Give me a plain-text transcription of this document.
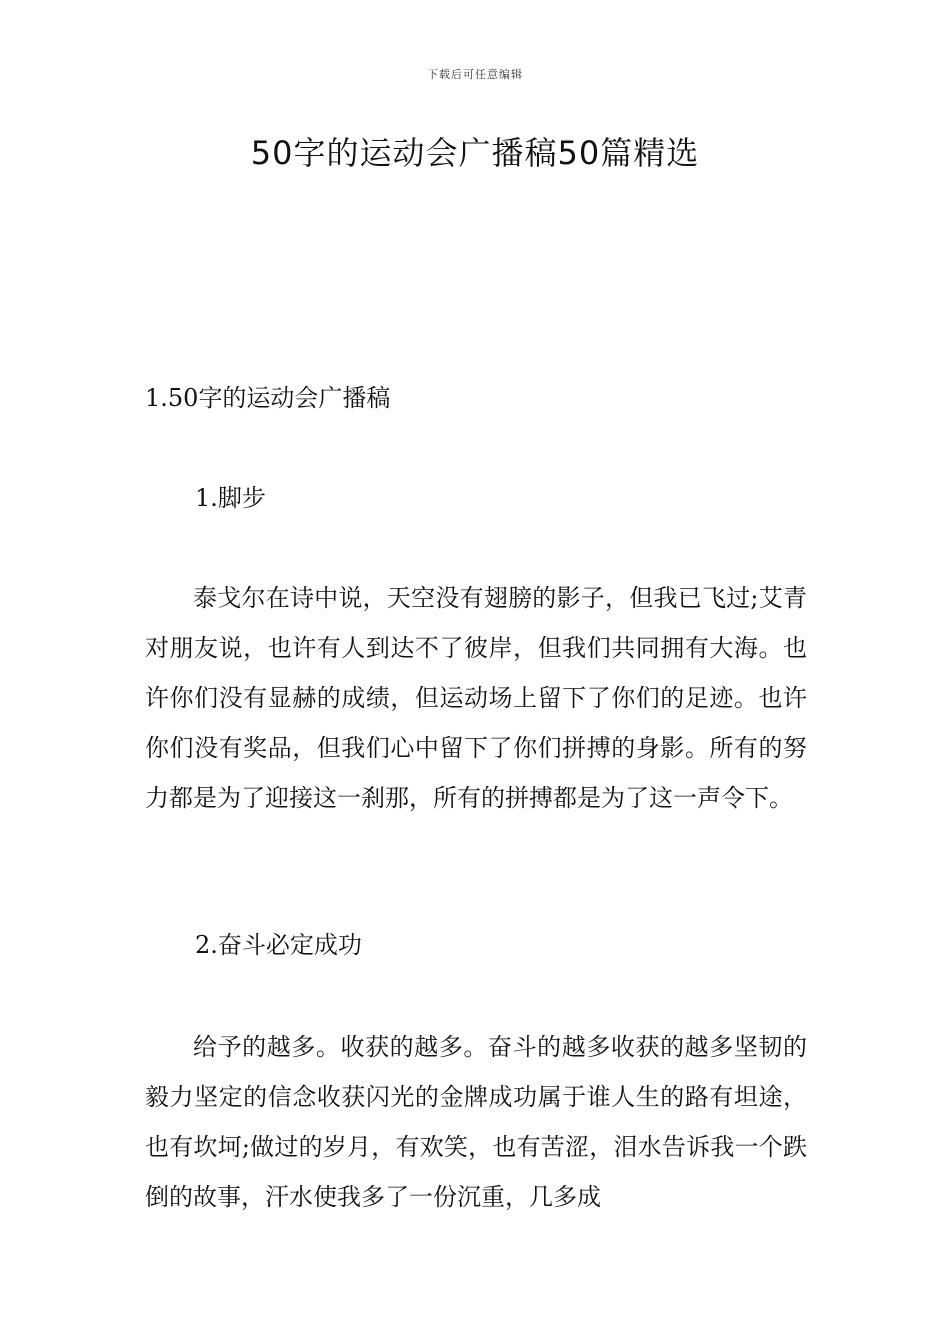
下载后可任意编辑
50字的运动会广播稿50篇精选
1.50字的运动会广播稿
1.脚步

泰戈尔在诗中说，天空没有翅膀的影子，但我已飞过;艾青对朋友说，也许有人到达不了彼岸，但我们共同拥有大海。也许你们没有显赫的成绩，但运动场上留下了你们的足迹。也许你们没有奖品，但我们心中留下了你们拼搏的身影。所有的努力都是为了迎接这一刹那，所有的拼搏都是为了这一声令下。

2.奋斗必定成功

给予的越多。收获的越多。奋斗的越多收获的越多坚韧的毅力坚定的信念收获闪光的金牌成功属于谁人生的路有坦途，也有坎坷;做过的岁月，有欢笑，也有苦涩，泪水告诉我一个跌倒的故事，汗水使我多了一份沉重，几多成
